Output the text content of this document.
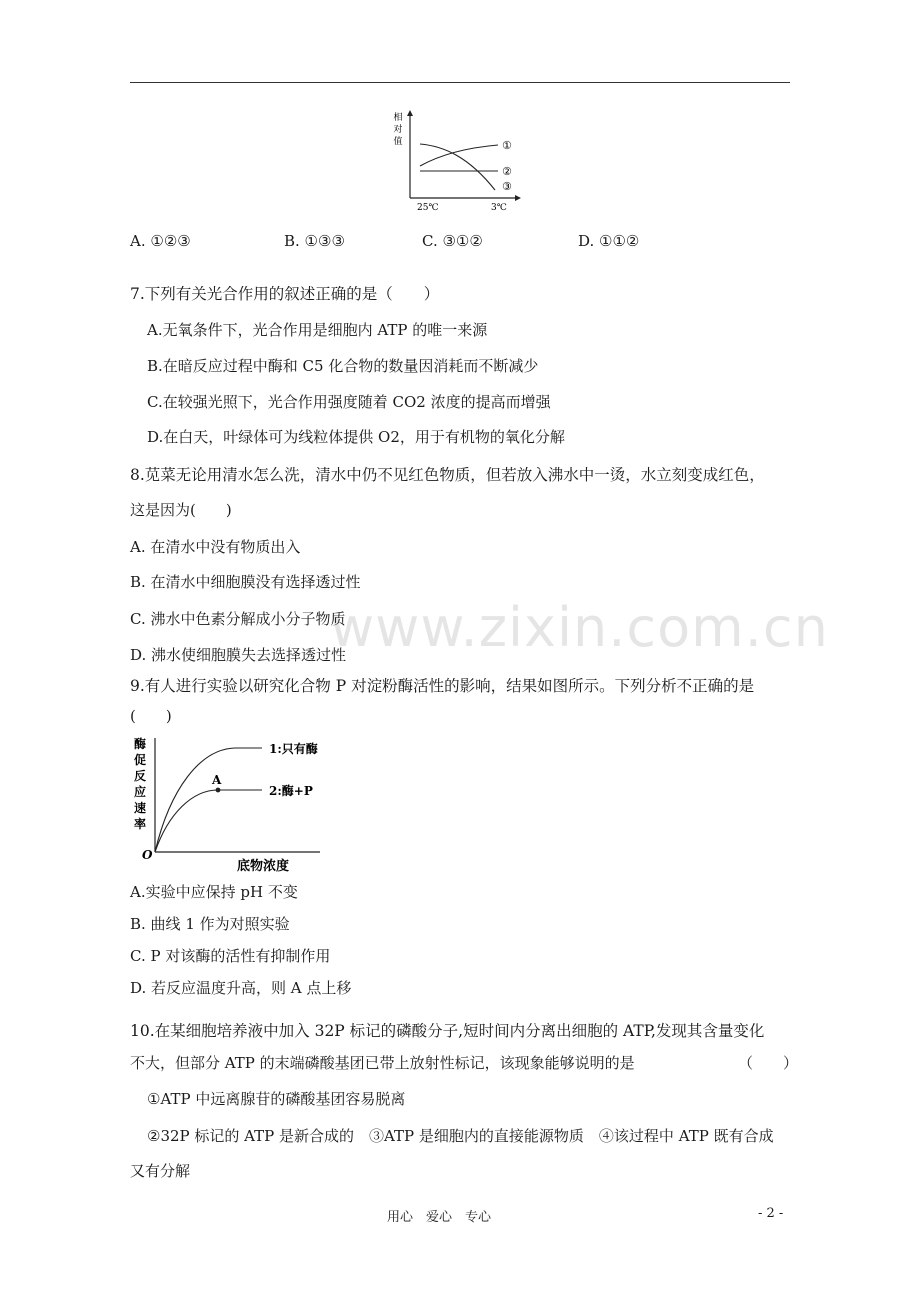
相
对
值	①
②
③
25℃	3℃
A. ①②③	B. ①③③	C. ③①②	D. ①①②
7.下列有关光合作用的叙述正确的是（　　）
A.无氧条件下，光合作用是细胞内 ATP 的唯一来源
B.在暗反应过程中酶和 C5 化合物的数量因消耗而不断减少
C.在较强光照下，光合作用强度随着 CO2 浓度的提高而增强
D.在白天，叶绿体可为线粒体提供 O2，用于有机物的氧化分解
8.苋菜无论用清水怎么洗，清水中仍不见红色物质，但若放入沸水中一烫，水立刻变成红色，
这是因为(　　)
A. 在清水中没有物质出入
B. 在清水中细胞膜没有选择透过性
C. 沸水中色素分解成小分子物质
D. 沸水使细胞膜失去选择透过性
9.有人进行实验以研究化合物 P 对淀粉酶活性的影响，结果如图所示。下列分析不正确的是
(　　)
酶
促
反
应
速
率
O
A
1:只有酶
2:酶+P
底物浓度
A.实验中应保持 pH 不变
B. 曲线 1 作为对照实验
C. P 对该酶的活性有抑制作用
D. 若反应温度升高，则 A 点上移
10.在某细胞培养液中加入 32P 标记的磷酸分子,短时间内分离出细胞的 ATP,发现其含量变化
不大，但部分 ATP 的末端磷酸基团已带上放射性标记，该现象能够说明的是	（　　）
①ATP 中远离腺苷的磷酸基团容易脱离
②32P 标记的 ATP 是新合成的　③ATP 是细胞内的直接能源物质　④该过程中 ATP 既有合成
又有分解
用心　爱心　专心	- 2 -
www.zixin.com.cn
